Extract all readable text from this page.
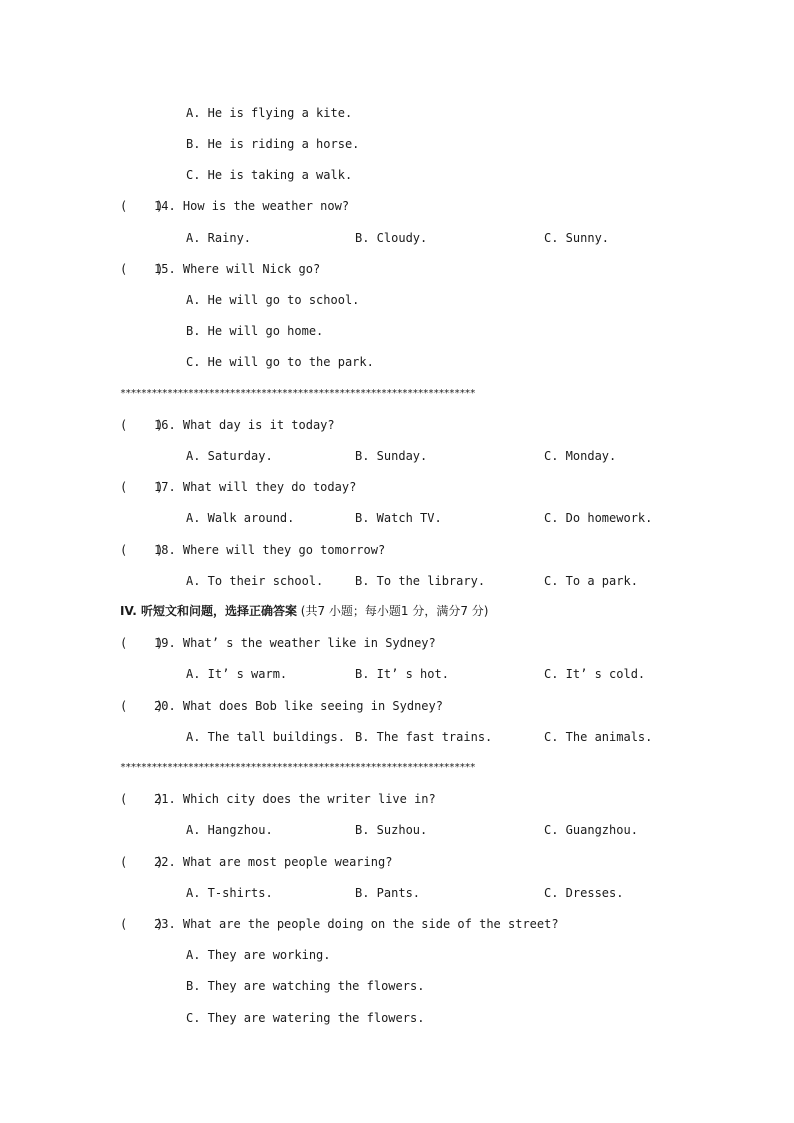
A. He is flying a kite.
B. He is riding a horse.
C. He is taking a walk.
(    )14. How is the weather now?
A. Rainy.	B. Cloudy.	C. Sunny.
(    )15. Where will Nick go?
A. He will go to school.
B. He will go home.
C. He will go to the park.
********************************************************************
(    )16. What day is it today?
A. Saturday.	B. Sunday.	C. Monday.
(    )17. What will they do today?
A. Walk around.	B. Watch TV.	C. Do homework.
(    )18. Where will they go tomorrow?
A. To their school.	B. To the library.	C. To a park.
IV. 听短文和问题，选择正确答案 (共7 小题；每小题1 分，满分7 分)
(    )19. What’ s the weather like in Sydney?
A. It’ s warm.	B. It’ s hot.	C. It’ s cold.
(    )20. What does Bob like seeing in Sydney?
A. The tall buildings. B. The fast trains.	C. The animals.
********************************************************************
(    )21. Which city does the writer live in?
A. Hangzhou.	B. Suzhou.	C. Guangzhou.
(    )22. What are most people wearing?
A. T-shirts.	B. Pants.	C. Dresses.
(    )23. What are the people doing on the side of the street?
A. They are working.
B. They are watching the flowers.
C. They are watering the flowers.
